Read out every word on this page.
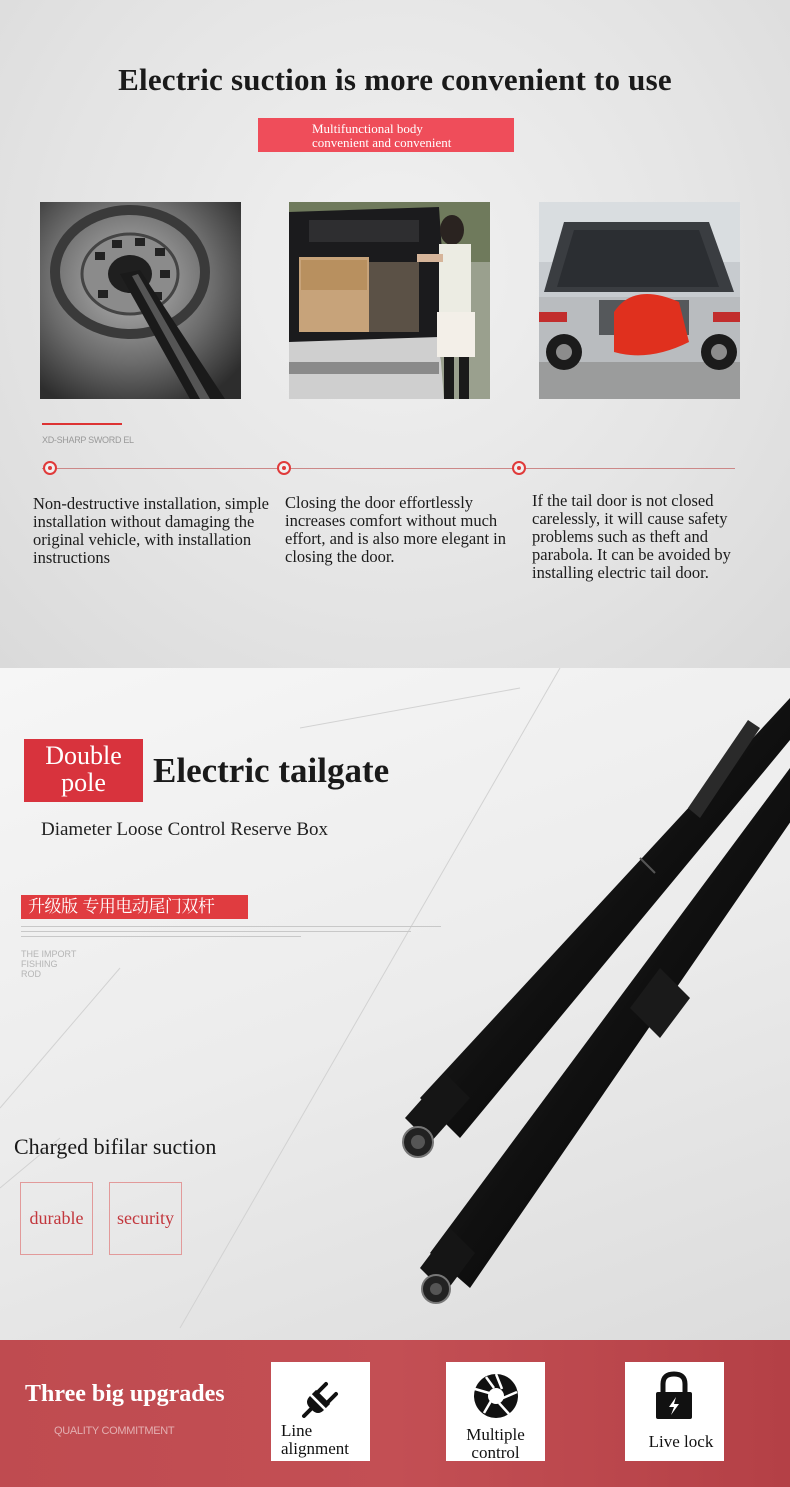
Electric suction is more convenient to use
Multifunctional body
convenient and convenient
XD-SHARP SWORD EL

Non-destructive installation, simple installation without damaging the original vehicle, with installation instructions

Closing the door effortlessly increases comfort without much effort, and is also more elegant in closing the door.

If the tail door is not closed carelessly, it will cause safety problems such as theft and parabola. It can be avoided by installing electric tail door.

Double
pole	Electric tailgate
Diameter Loose Control Reserve Box
升级版 专用电动尾门双杆
THE IMPORT
FISHING
ROD
Charged bifilar suction
durable	security
Three big upgrades
QUALITY COMMITMENT	Line
alignment
Multiple
control
Live lock
